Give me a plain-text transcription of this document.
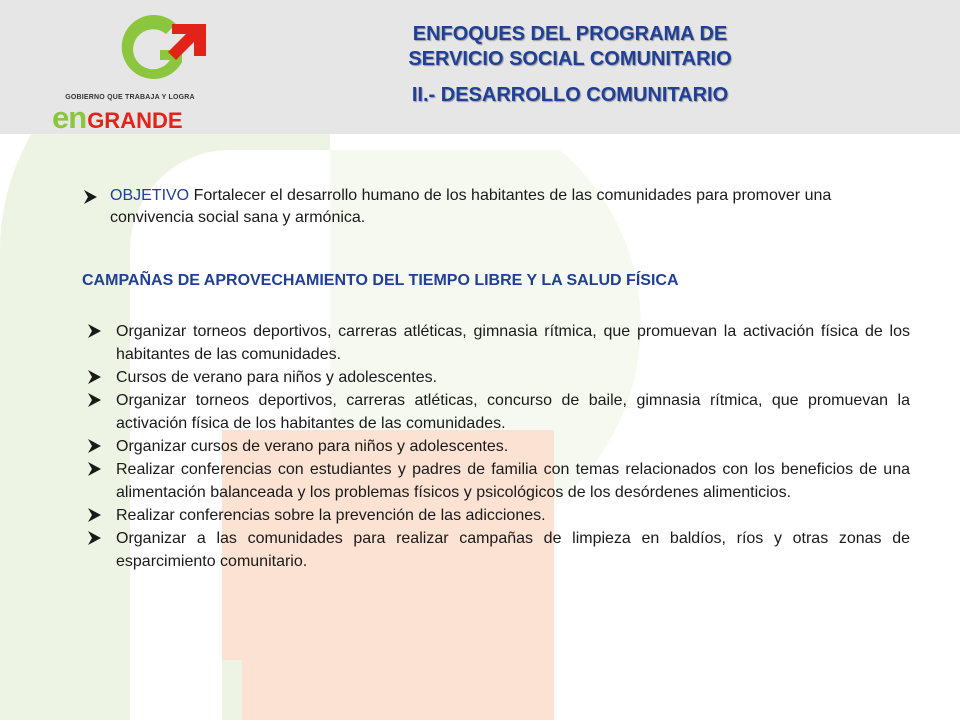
GOBIERNO QUE TRABAJA Y LOGRA
enGRANDE
ENFOQUES DEL PROGRAMA DE
SERVICIO SOCIAL COMUNITARIO
II.- DESARROLLO COMUNITARIO
OBJETIVO Fortalecer el desarrollo humano de los habitantes de las comunidades para promover una convivencia social sana y armónica.
CAMPAÑAS DE APROVECHAMIENTO DEL TIEMPO LIBRE Y LA SALUD FÍSICA
Organizar torneos deportivos, carreras atléticas, gimnasia rítmica, que promuevan la activación física de los habitantes de las comunidades.
Cursos de verano para niños y adolescentes.
Organizar torneos deportivos, carreras atléticas, concurso de baile, gimnasia rítmica, que promuevan la activación física de los habitantes de las comunidades.
Organizar cursos de verano para niños y adolescentes.
Realizar conferencias con estudiantes y padres de familia con temas relacionados con los beneficios de una alimentación balanceada y los problemas físicos y psicológicos de los desórdenes alimenticios.
Realizar conferencias sobre la prevención de las adicciones.
Organizar a las comunidades para realizar campañas de limpieza en baldíos, ríos y otras zonas de esparcimiento comunitario.
